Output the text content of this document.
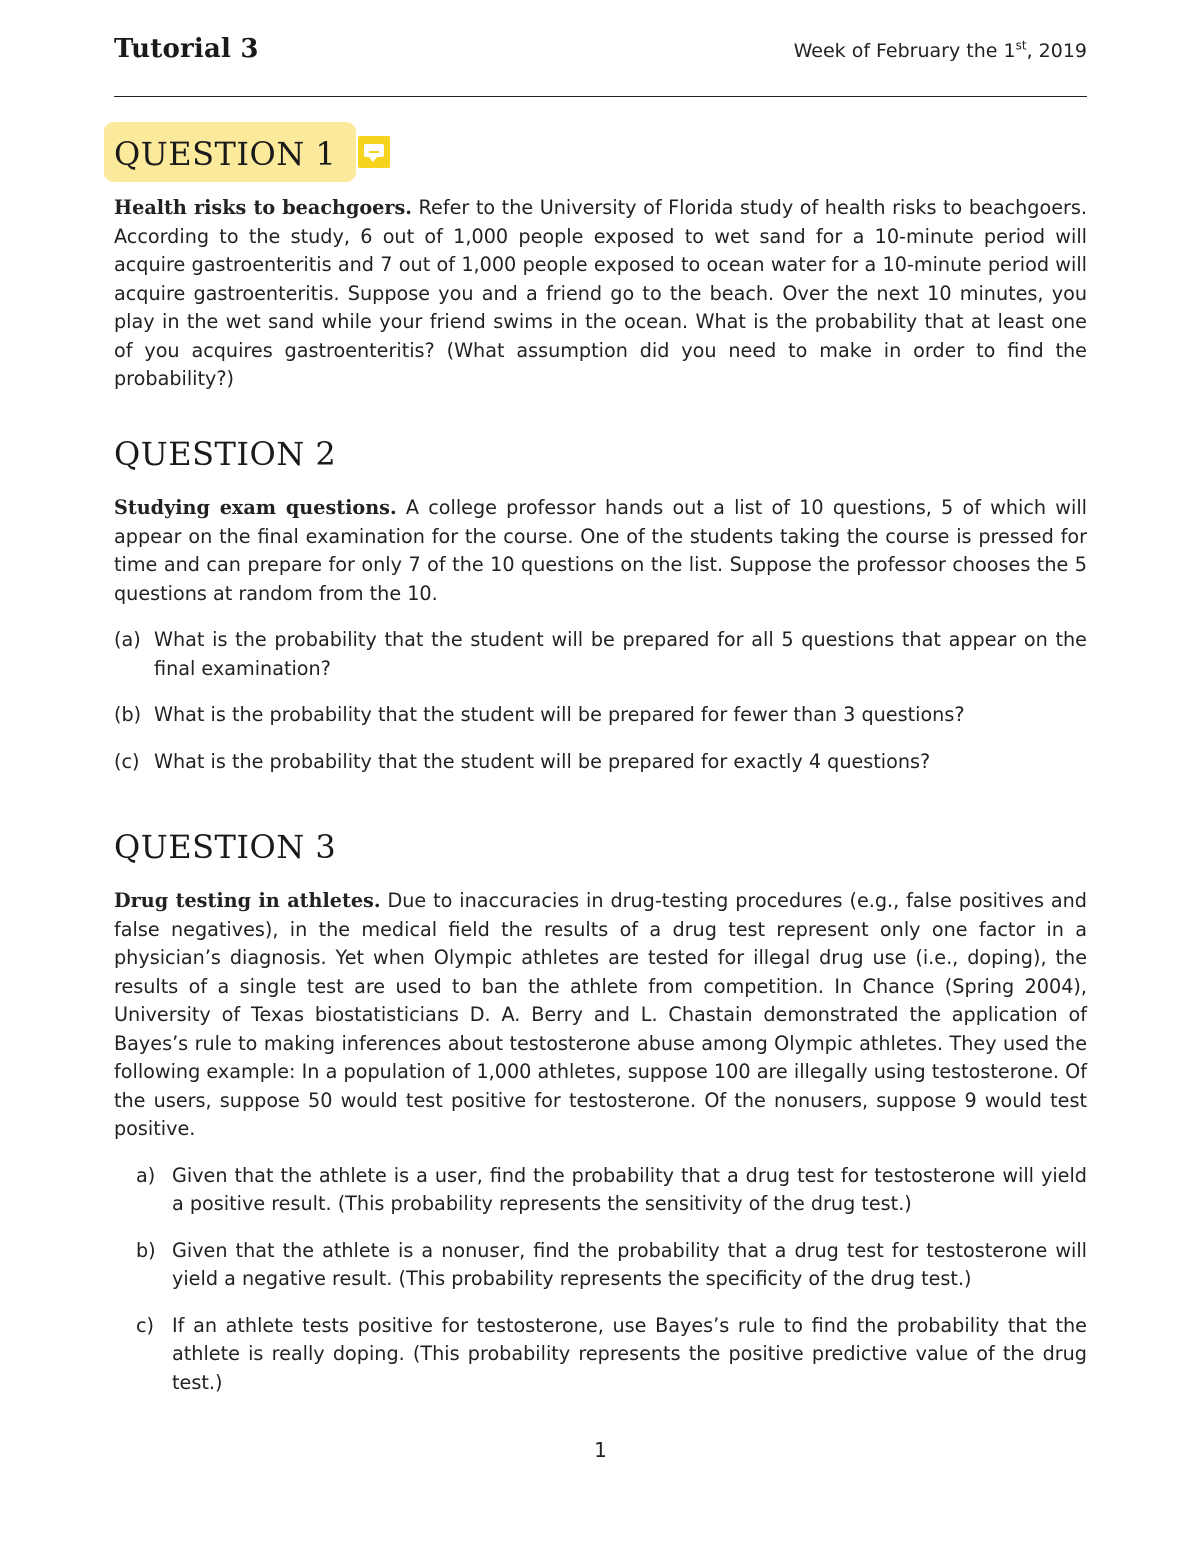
Tutorial 3	Week of February the 1st, 2019
QUESTION 1

Health risks to beachgoers. Refer to the University of Florida study of health risks to beachgoers. According to the study, 6 out of 1,000 people exposed to wet sand for a 10-minute period will acquire gastroenteritis and 7 out of 1,000 people exposed to ocean water for a 10-minute period will acquire gastroenteritis. Suppose you and a friend go to the beach. Over the next 10 minutes, you play in the wet sand while your friend swims in the ocean. What is the probability that at least one of you acquires gastroenteritis? (What assumption did you need to make in order to find the probability?)

QUESTION 2

Studying exam questions. A college professor hands out a list of 10 questions, 5 of which will appear on the final examination for the course. One of the students taking the course is pressed for time and can prepare for only 7 of the 10 questions on the list. Suppose the professor chooses the 5 questions at random from the 10.

(a) What is the probability that the student will be prepared for all 5 questions that appear on the final examination?
(b) What is the probability that the student will be prepared for fewer than 3 questions?
(c) What is the probability that the student will be prepared for exactly 4 questions?
QUESTION 3

Drug testing in athletes. Due to inaccuracies in drug-testing procedures (e.g., false positives and false negatives), in the medical field the results of a drug test represent only one factor in a physician’s diagnosis. Yet when Olympic athletes are tested for illegal drug use (i.e., doping), the results of a single test are used to ban the athlete from competition. In Chance (Spring 2004), University of Texas biostatisticians D. A. Berry and L. Chastain demonstrated the application of Bayes’s rule to making inferences about testosterone abuse among Olympic athletes. They used the following example: In a population of 1,000 athletes, suppose 100 are illegally using testosterone. Of the users, suppose 50 would test positive for testosterone. Of the nonusers, suppose 9 would test positive.

a) Given that the athlete is a user, find the probability that a drug test for testosterone will yield a positive result. (This probability represents the sensitivity of the drug test.)
b) Given that the athlete is a nonuser, find the probability that a drug test for testosterone will yield a negative result. (This probability represents the specificity of the drug test.)
c) If an athlete tests positive for testosterone, use Bayes’s rule to find the probability that the athlete is really doping. (This probability represents the positive predictive value of the drug test.)
1
